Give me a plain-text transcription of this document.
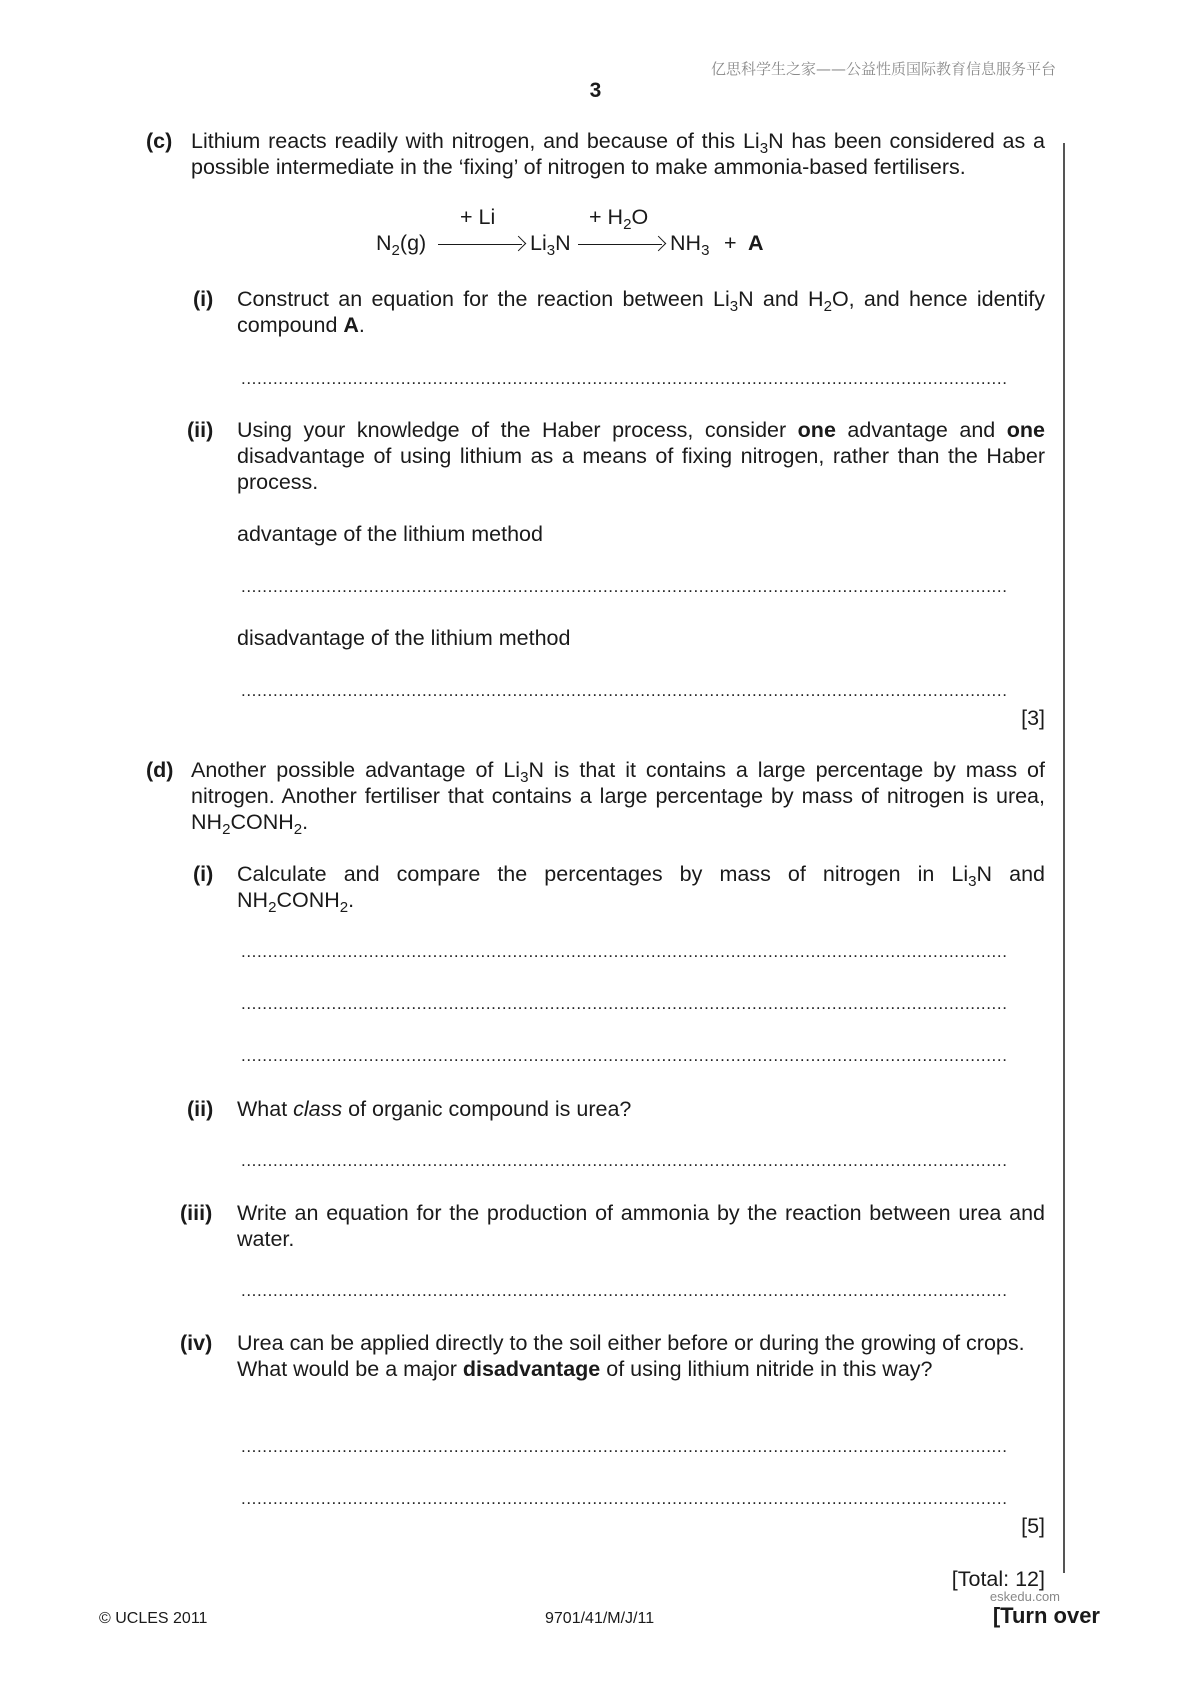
亿思科学生之家——公益性质国际教育信息服务平台
3
(c) Lithium reacts readily with nitrogen, and because of this $Li_3N$ has been considered as a possible intermediate in the ‘fixing’ of nitrogen to make ammonia-based fertilisers.
$N_2(g)$
+ Li
$Li_3N$
+ $H_2O$
$NH_3 + A$
(i) Construct an equation for the reaction between $Li_3N$ and $H_2O$, and hence identify compound A.
................................................................................................................................................
(ii) Using your knowledge of the Haber process, consider one advantage and one disadvantage of using lithium as a means of fixing nitrogen, rather than the Haber process.
advantage of the lithium method
................................................................................................................................................
disadvantage of the lithium method
................................................................................................................................................
[3]
(d) Another possible advantage of $Li_3N$ is that it contains a large percentage by mass of nitrogen. Another fertiliser that contains a large percentage by mass of nitrogen is urea, $NH_2CONH_2$.
(i) Calculate and compare the percentages by mass of nitrogen in $Li_3N$ and $NH_2CONH_2$.
................................................................................................................................................
................................................................................................................................................
................................................................................................................................................
(ii) What class of organic compound is urea?
................................................................................................................................................
(iii) Write an equation for the production of ammonia by the reaction between urea and water.
................................................................................................................................................
(iv) Urea can be applied directly to the soil either before or during the growing of crops.
What would be a major disadvantage of using lithium nitride in this way?
................................................................................................................................................
................................................................................................................................................
[5]
[Total: 12]
eskedu.com
© UCLES 2011	9701/41/M/J/11	[Turn over
